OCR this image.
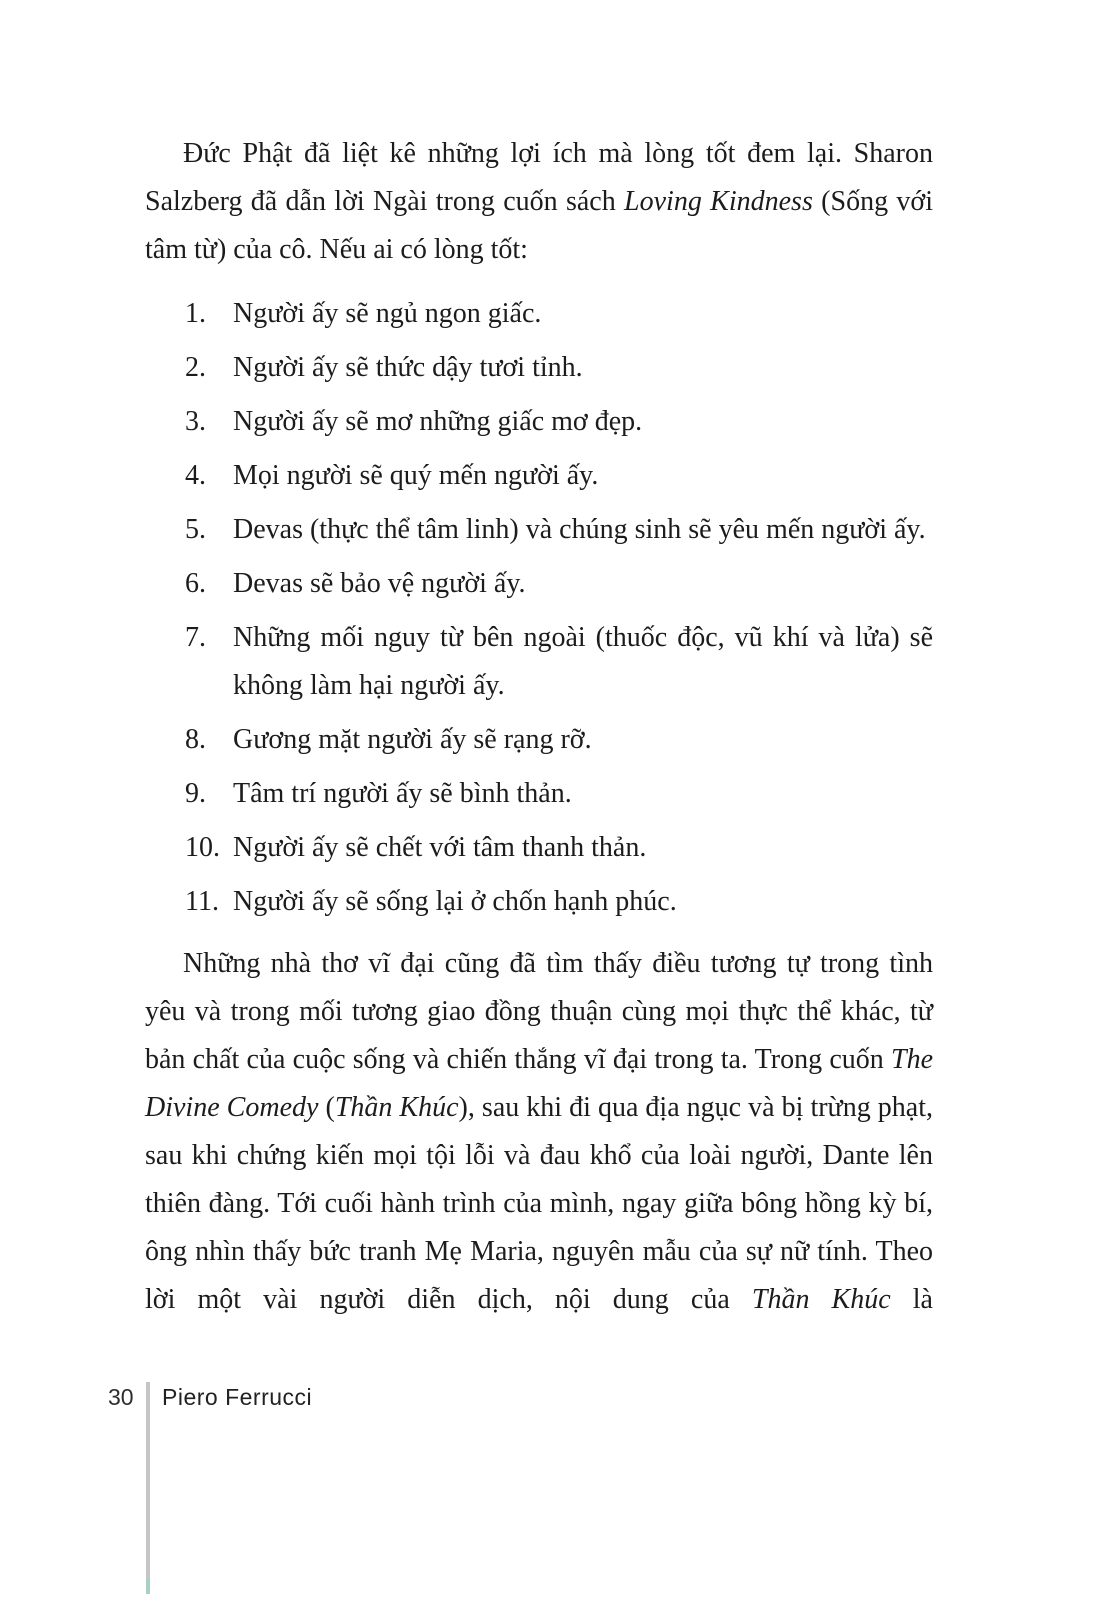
Đức Phật đã liệt kê những lợi ích mà lòng tốt đem lại. Sharon Salzberg đã dẫn lời Ngài trong cuốn sách Loving Kindness (Sống với tâm từ) của cô. Nếu ai có lòng tốt:

1. Người ấy sẽ ngủ ngon giấc.
2. Người ấy sẽ thức dậy tươi tỉnh.
3. Người ấy sẽ mơ những giấc mơ đẹp.
4. Mọi người sẽ quý mến người ấy.
5. Devas (thực thể tâm linh) và chúng sinh sẽ yêu mến người ấy.
6. Devas sẽ bảo vệ người ấy.
7. Những mối nguy từ bên ngoài (thuốc độc, vũ khí và lửa) sẽ không làm hại người ấy.
8. Gương mặt người ấy sẽ rạng rỡ.
9. Tâm trí người ấy sẽ bình thản.
10. Người ấy sẽ chết với tâm thanh thản.
11. Người ấy sẽ sống lại ở chốn hạnh phúc.

Những nhà thơ vĩ đại cũng đã tìm thấy điều tương tự trong tình yêu và trong mối tương giao đồng thuận cùng mọi thực thể khác, từ bản chất của cuộc sống và chiến thắng vĩ đại trong ta. Trong cuốn The Divine Comedy (Thần Khúc), sau khi đi qua địa ngục và bị trừng phạt, sau khi chứng kiến mọi tội lỗi và đau khổ của loài người, Dante lên thiên đàng. Tới cuối hành trình của mình, ngay giữa bông hồng kỳ bí, ông nhìn thấy bức tranh Mẹ Maria, nguyên mẫu của sự nữ tính. Theo lời một vài người diễn dịch, nội dung của Thần Khúc là

30 Piero Ferrucci
